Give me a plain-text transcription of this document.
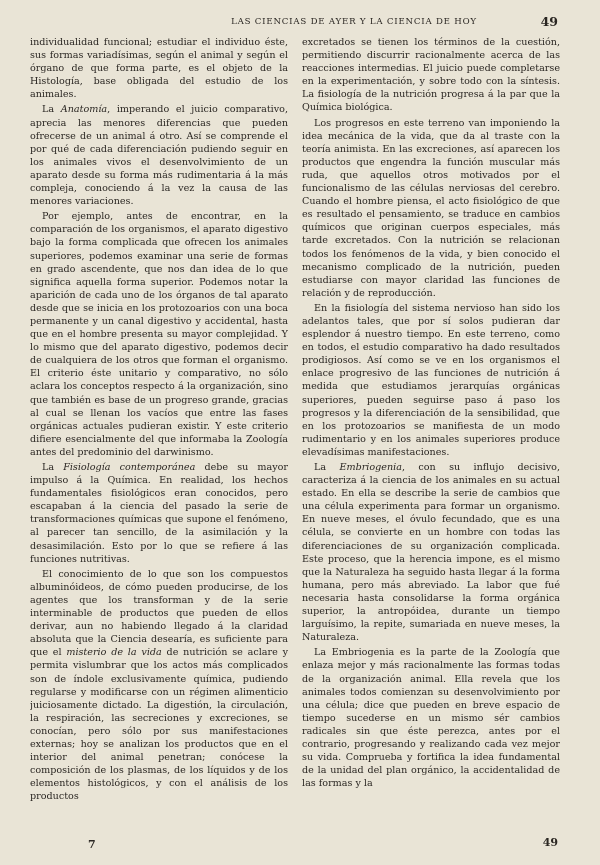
LAS CIENCIAS DE AYER Y LA CIENCIA DE HOY	49

individualidad funcional; estudiar el individuo éste, sus formas variadísimas, según el animal y según el órgano de que forma parte, es el objeto de la Histología, base obligada del estudio de los animales.

La Anatomía, imperando el juicio comparativo, aprecia las menores diferencias que pueden ofrecerse de un animal á otro. Así se comprende el por qué de cada diferenciación pudiendo seguir en los animales vivos el desenvolvimiento de un aparato desde su forma más rudimentaria á la más compleja, conociendo á la vez la causa de las menores variaciones.

Por ejemplo, antes de encontrar, en la comparación de los organismos, el aparato digestivo bajo la forma complicada que ofrecen los animales superiores, podemos examinar una serie de formas en grado ascendente, que nos dan idea de lo que significa aquella forma superior. Podemos notar la aparición de cada uno de los órganos de tal aparato desde que se inicia en los protozoarios con una boca permanente y un canal digestivo y accidental, hasta que en el hombre presenta su mayor complejidad. Y lo mismo que del aparato digestivo, podemos decir de cualquiera de los otros que forman el organismo. El criterio éste unitario y comparativo, no sólo aclara los conceptos respecto á la organización, sino que también es base de un progreso grande, gracias al cual se llenan los vacíos que entre las fases orgánicas actuales pudieran existir. Y este criterio difiere esencialmente del que informaba la Zoología antes del predominio del darwinismo.

La Fisiología contemporánea debe su mayor impulso á la Química. En realidad, los hechos fundamentales fisiológicos eran conocidos, pero escapaban á la ciencia del pasado la serie de transformaciones químicas que supone el fenómeno, al parecer tan sencillo, de la asimilación y la desasimilación. Esto por lo que se refiere á las funciones nutritivas.

El conocimiento de lo que son los compuestos albuminóideos, de cómo pueden producirse, de los agentes que los transforman y de la serie interminable de productos que pueden de ellos derivar, aun no habiendo llegado á la claridad absoluta que la Ciencia desearía, es suficiente para que el misterio de la vida de nutrición se aclare y permita vislumbrar que los actos más complicados son de índole exclusivamente química, pudiendo regularse y modificarse con un régimen alimenticio juiciosamente dictado. La digestión, la circulación, la respiración, las secreciones y excreciones, se conocían, pero sólo por sus manifestaciones externas; hoy se analizan los productos que en el interior del animal penetran; conócese la composición de los plasmas, de los líquidos y de los elementos histológicos, y con el análisis de los productos

excretados se tienen los términos de la cuestión, permitiendo discurrir racionalmente acerca de las reacciones intermedias. El juicio puede completarse en la experimentación, y sobre todo con la síntesis. La fisiología de la nutrición progresa á la par que la Química biológica.

Los progresos en este terreno van imponiendo la idea mecánica de la vida, que da al traste con la teoría animista. En las excreciones, así aparecen los productos que engendra la función muscular más ruda, que aquellos otros motivados por el funcionalismo de las células nerviosas del cerebro. Cuando el hombre piensa, el acto fisiológico de que es resultado el pensamiento, se traduce en cambios químicos que originan cuerpos especiales, más tarde excretados. Con la nutrición se relacionan todos los fenómenos de la vida, y bien conocido el mecanismo complicado de la nutrición, pueden estudiarse con mayor claridad las funciones de relación y de reproducción.

En la fisiología del sistema nervioso han sido los adelantos tales, que por sí solos pudieran dar esplendor á nuestro tiempo. En este terreno, como en todos, el estudio comparativo ha dado resultados prodigiosos. Así como se ve en los organismos el enlace progresivo de las funciones de nutrición á medida que estudiamos jerarquías orgánicas superiores, pueden seguirse paso á paso los progresos y la diferenciación de la sensibilidad, que en los protozoarios se manifiesta de un modo rudimentario y en los animales superiores produce elevadísimas manifestaciones.

La Embriogenia, con su influjo decisivo, caracteriza á la ciencia de los animales en su actual estado. En ella se describe la serie de cambios que una célula experimenta para formar un organismo. En nueve meses, el óvulo fecundado, que es una célula, se convierte en un hombre con todas las diferenciaciones de su organización complicada. Este proceso, que la herencia impone, es el mismo que la Naturaleza ha seguido hasta llegar á la forma humana, pero más abreviado. La labor que fué necesaria hasta consolidarse la forma orgánica superior, la antropóidea, durante un tiempo larguísimo, la repite, sumariada en nueve meses, la Naturaleza.

La Embriogenia es la parte de la Zoología que enlaza mejor y más racionalmente las formas todas de la organización animal. Ella revela que los animales todos comienzan su desenvolvimiento por una célula; dice que pueden en breve espacio de tiempo sucederse en un mismo sér cambios radicales sin que éste perezca, antes por el contrario, progresando y realizando cada vez mejor su vida. Comprueba y fortifica la idea fundamental de la unidad del plan orgánico, la accidentalidad de las formas y la

7	49
